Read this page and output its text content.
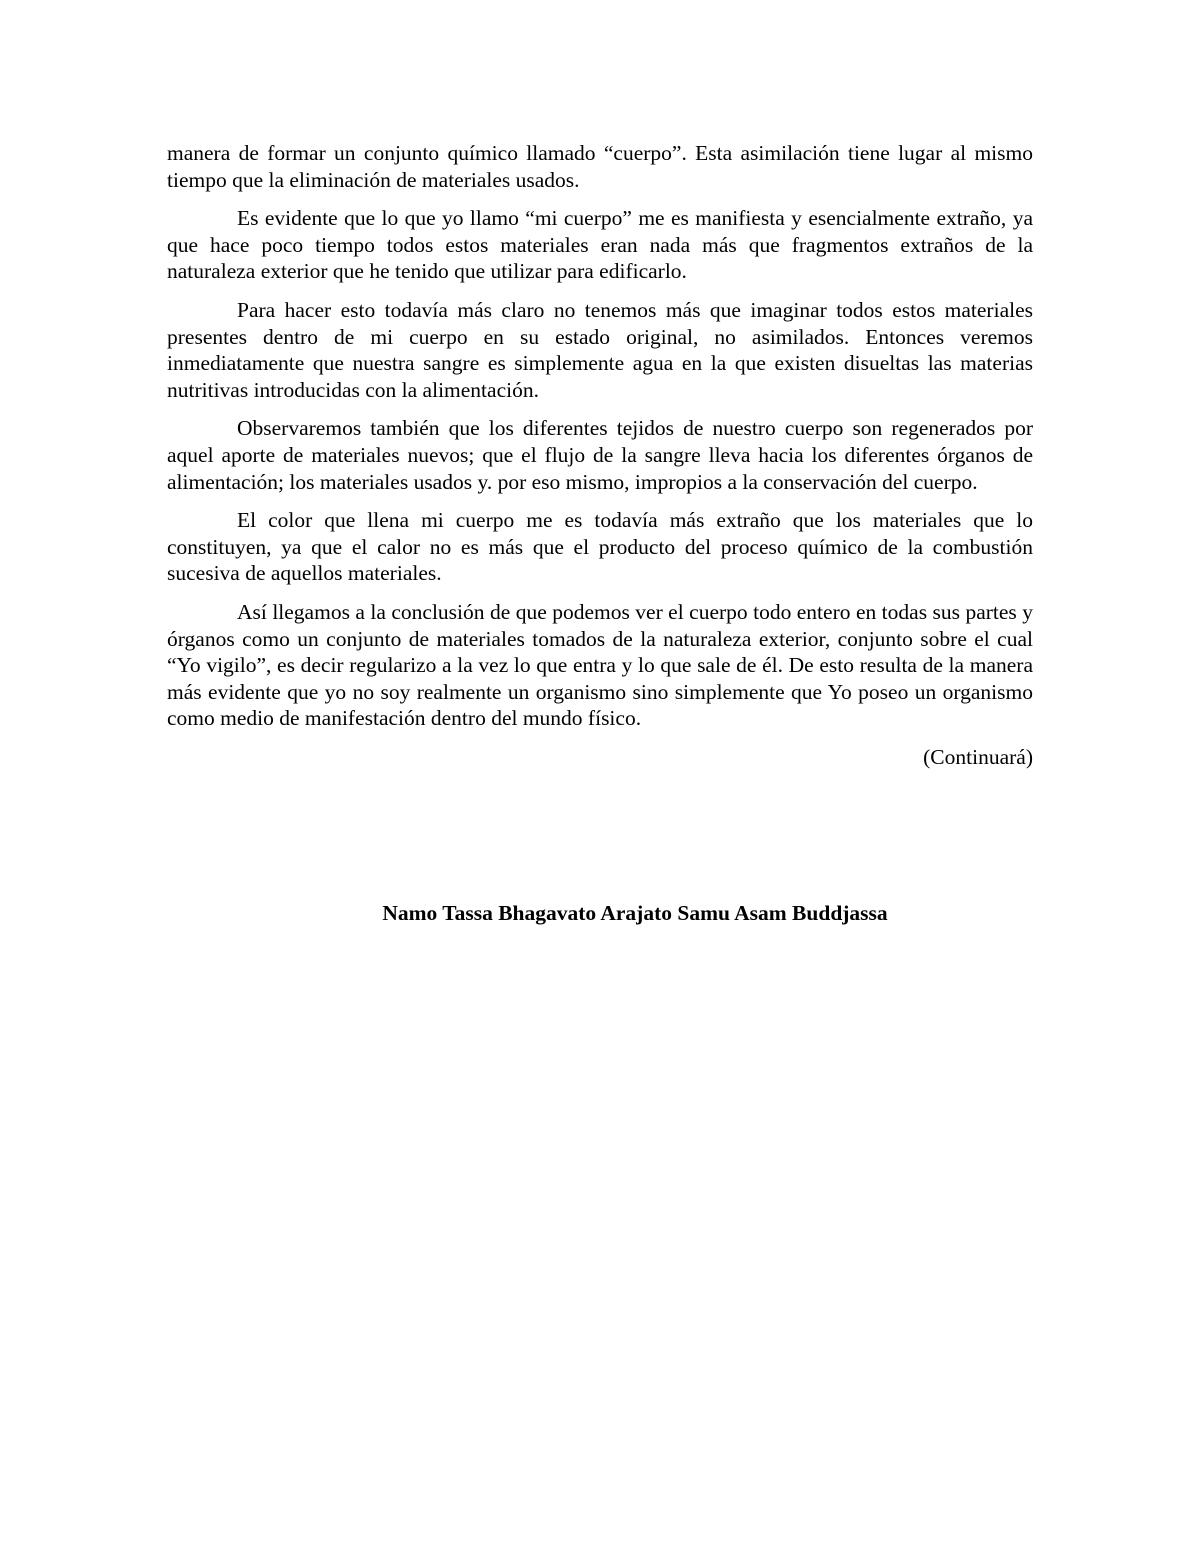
manera de formar un conjunto químico llamado “cuerpo”. Esta asimilación tiene lugar al mismo tiempo que la eliminación de materiales usados.

Es evidente que lo que yo llamo “mi cuerpo” me es manifiesta y esencialmente extraño, ya que hace poco tiempo todos estos materiales eran nada más que fragmentos extraños de la naturaleza exterior que he tenido que utilizar para edificarlo.

Para hacer esto todavía más claro no tenemos más que imaginar todos estos materiales presentes dentro de mi cuerpo en su estado original, no asimilados. Entonces veremos inmediatamente que nuestra sangre es simplemente agua en la que existen disueltas las materias nutritivas introducidas con la alimentación.

Observaremos también que los diferentes tejidos de nuestro cuerpo son regenerados por aquel aporte de materiales nuevos; que el flujo de la sangre lleva hacia los diferentes órganos de alimentación; los materiales usados y. por eso mismo, impropios a la conservación del cuerpo.

El color que llena mi cuerpo me es todavía más extraño que los materiales que lo constituyen, ya que el calor no es más que el producto del proceso químico de la combustión sucesiva de aquellos materiales.

Así llegamos a la conclusión de que podemos ver el cuerpo todo entero en todas sus partes y órganos como un conjunto de materiales tomados de la naturaleza exterior, conjunto sobre el cual “Yo vigilo”, es decir regularizo a la vez lo que entra y lo que sale de él. De esto resulta de la manera más evidente que yo no soy realmente un organismo sino simplemente que Yo poseo un organismo como medio de manifestación dentro del mundo físico.

(Continuará)

Namo Tassa Bhagavato Arajato Samu Asam Buddjassa
